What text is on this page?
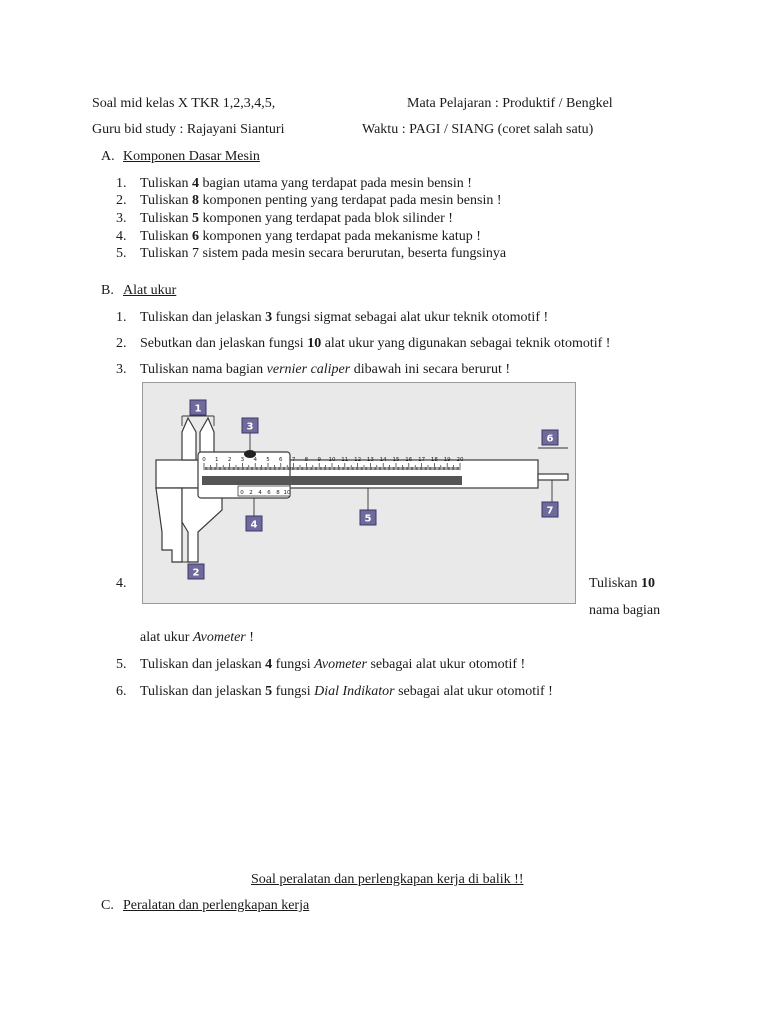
Soal mid kelas X TKR 1,2,3,4,5,	Mata Pelajaran : Produktif / Bengkel
Guru bid study : Rajayani Sianturi	Waktu : PAGI / SIANG (coret salah satu)
A. Komponen Dasar Mesin
1. Tuliskan 4 bagian utama yang terdapat pada mesin bensin !
2. Tuliskan 8 komponen penting yang terdapat pada mesin bensin !
3. Tuliskan 5 komponen yang terdapat pada blok silinder !
4. Tuliskan 6 komponen yang terdapat pada mekanisme katup !
5. Tuliskan 7 sistem pada mesin secara berurutan, beserta fungsinya
B. Alat ukur
1. Tuliskan dan jelaskan 3 fungsi sigmat sebagai alat ukur teknik otomotif !
2. Sebutkan dan jelaskan fungsi 10 alat ukur yang digunakan sebagai teknik otomotif !
3. Tuliskan nama bagian vernier caliper dibawah ini secara berurut !
0 1 2 3 4 5 6 7 8 9 10 11 12 13 14 15 16 17 18 19 20
0 2 4 6 8 10
1
2
3
4
5
6
7
4.	Tuliskan 10
nama bagian
alat ukur Avometer !
5. Tuliskan dan jelaskan 4 fungsi Avometer sebagai alat ukur otomotif !
6. Tuliskan dan jelaskan 5 fungsi Dial Indikator sebagai alat ukur otomotif !
Soal peralatan dan perlengkapan kerja di balik !!
C. Peralatan dan perlengkapan kerja
